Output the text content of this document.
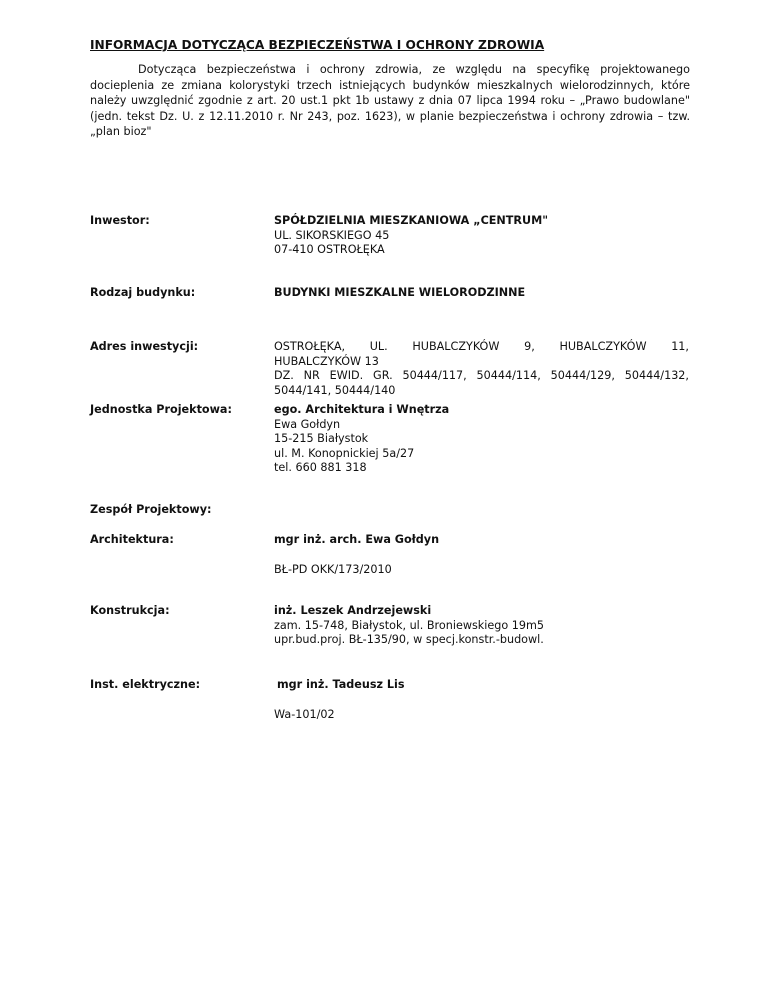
INFORMACJA DOTYCZĄCA BEZPIECZEŃSTWA I OCHRONY ZDROWIA

Dotycząca bezpieczeństwa i ochrony zdrowia, ze względu na specyfikę projektowanego docieplenia ze zmiana kolorystyki trzech istniejących budynków mieszkalnych wielorodzinnych, które należy uwzględnić zgodnie z art. 20 ust.1 pkt 1b ustawy z dnia 07 lipca 1994 roku – „Prawo budowlane" (jedn. tekst Dz. U. z 12.11.2010 r. Nr 243, poz. 1623), w planie bezpieczeństwa i ochrony zdrowia – tzw. „plan bioz"

Inwestor:	SPÓŁDZIELNIA MIESZKANIOWA „CENTRUM"
UL. SIKORSKIEGO 45
07-410 OSTROŁĘKA
Rodzaj budynku:	BUDYNKI MIESZKALNE WIELORODZINNE
Adres inwestycji:	OSTROŁĘKA, UL. HUBALCZYKÓW 9, HUBALCZYKÓW 11,
HUBALCZYKÓW 13
DZ. NR EWID. GR. 50444/117, 50444/114, 50444/129, 50444/132,
5044/141, 50444/140
Jednostka Projektowa:	ego. Architektura i Wnętrza
Ewa Gołdyn
15-215 Białystok
ul. M. Konopnickiej 5a/27
tel. 660 881 318
Zespół Projektowy:
Architektura:	mgr inż. arch. Ewa Gołdyn
BŁ-PD OKK/173/2010
Konstrukcja:	inż. Leszek Andrzejewski
zam. 15-748, Białystok, ul. Broniewskiego 19m5
upr.bud.proj. BŁ-135/90, w specj.konstr.-budowl.
Inst. elektryczne:	mgr inż. Tadeusz Lis
Wa-101/02
